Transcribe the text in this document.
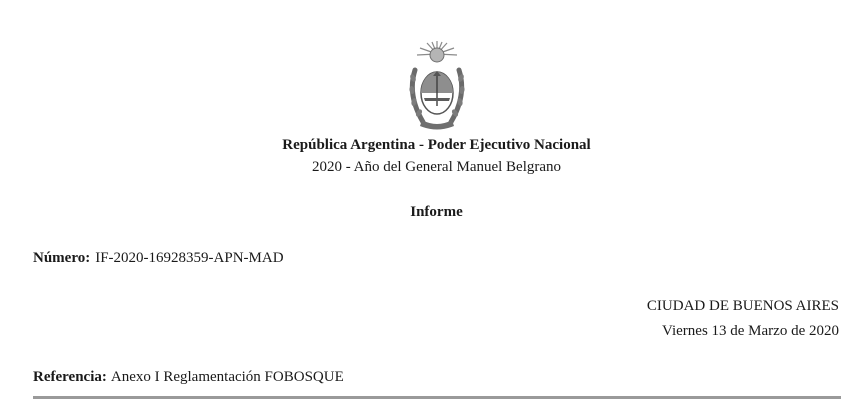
República Argentina - Poder Ejecutivo Nacional
2020 - Año del General Manuel Belgrano
Informe
Número: IF-2020-16928359-APN-MAD
CIUDAD DE BUENOS AIRES
Viernes 13 de Marzo de 2020
Referencia: Anexo I Reglamentación FOBOSQUE
